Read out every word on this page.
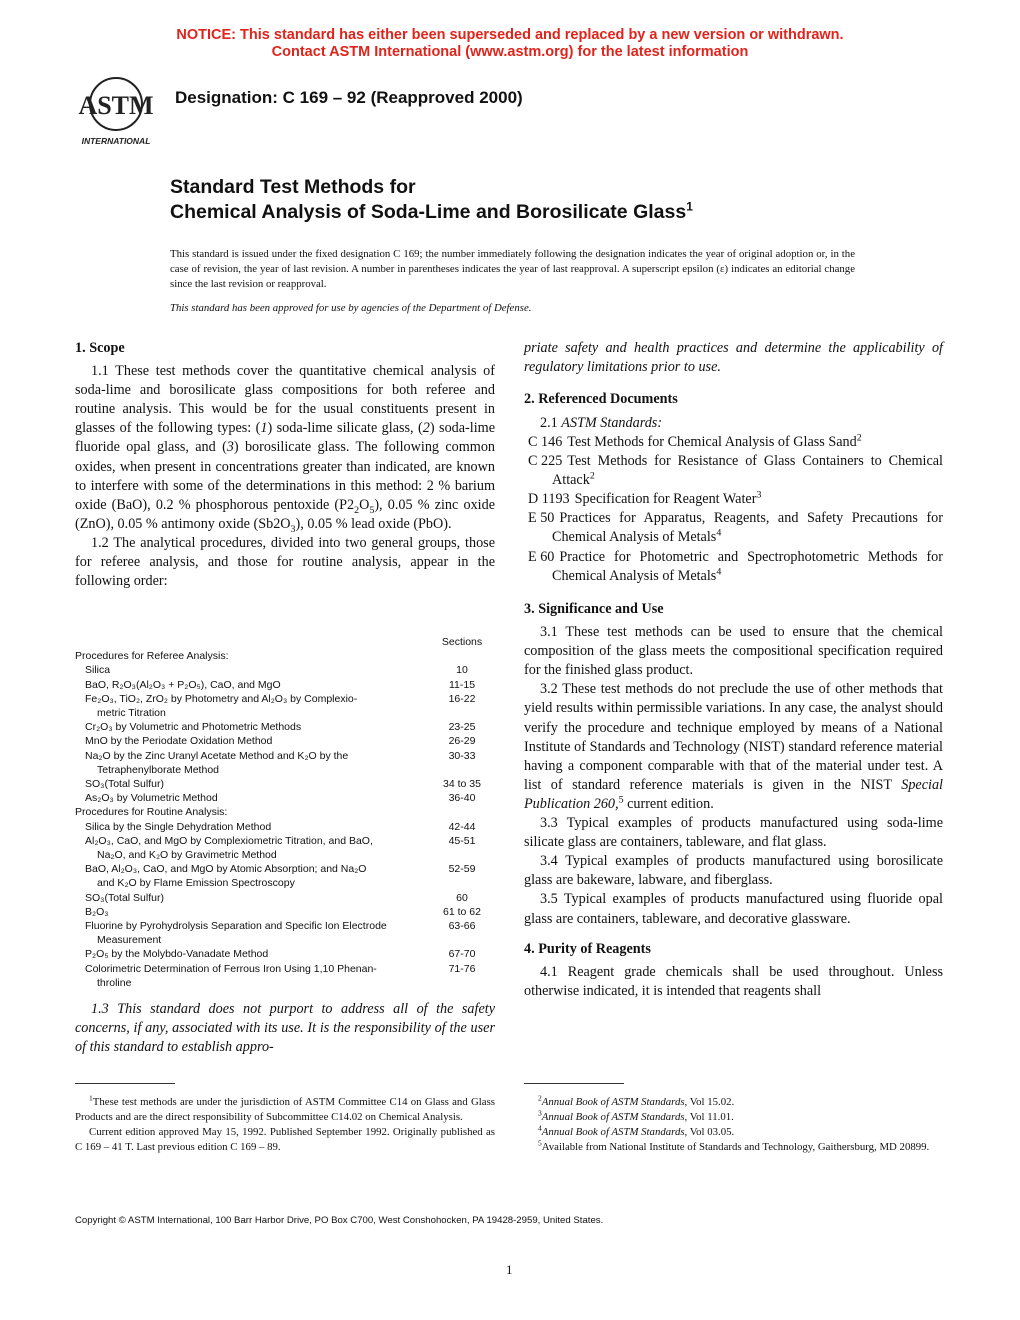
NOTICE: This standard has either been superseded and replaced by a new version or withdrawn.
Contact ASTM International (www.astm.org) for the latest information
ASTM
INTERNATIONAL
Designation: C 169 – 92 (Reapproved 2000)
Standard Test Methods for
Chemical Analysis of Soda-Lime and Borosilicate Glass$^1$
This standard is issued under the fixed designation C 169; the number immediately following the designation indicates the year of original adoption or, in the case of revision, the year of last revision. A number in parentheses indicates the year of last reapproval. A superscript epsilon (ε) indicates an editorial change since the last revision or reapproval.
This standard has been approved for use by agencies of the Department of Defense.
1. Scope

1.1 These test methods cover the quantitative chemical analysis of soda-lime and borosilicate glass compositions for both referee and routine analysis. This would be for the usual constituents present in glasses of the following types: (1) soda-lime silicate glass, (2) soda-lime fluoride opal glass, and (3) borosilicate glass. The following common oxides, when present in concentrations greater than indicated, are known to interfere with some of the determinations in this method: 2 % barium oxide (BaO), 0.2 % phosphorous pentoxide $(P2_2O_5)$, 0.05 % zinc oxide (ZnO), 0.05 % antimony oxide $(Sb2O_3)$, 0.05 % lead oxide (PbO).

1.2 The analytical procedures, divided into two general groups, those for referee analysis, and those for routine analysis, appear in the following order:

Sections
Procedures for Referee Analysis:
Silica	10
BaO, R₂O₃(Al₂O₃ + P₂O₅), CaO, and MgO	11-15
Fe₂O₃, TiO₂, ZrO₂ by Photometry and Al₂O₃ by Complexio-	16-22
metric Titration
Cr₂O₃ by Volumetric and Photometric Methods	23-25
MnO by the Periodate Oxidation Method	26-29
Na₂O by the Zinc Uranyl Acetate Method and K₂O by the	30-33
Tetraphenylborate Method
SO₃(Total Sulfur)	34 to 35
As₂O₃ by Volumetric Method	36-40
Procedures for Routine Analysis:
Silica by the Single Dehydration Method	42-44
Al₂O₃, CaO, and MgO by Complexiometric Titration, and BaO,	45-51
Na₂O, and K₂O by Gravimetric Method
BaO, Al₂O₃, CaO, and MgO by Atomic Absorption; and Na₂O	52-59
and K₂O by Flame Emission Spectroscopy
SO₃(Total Sulfur)	60
B₂O₃	61 to 62
Fluorine by Pyrohydrolysis Separation and Specific Ion Electrode	63-66
Measurement
P₂O₅ by the Molybdo-Vanadate Method	67-70
Colorimetric Determination of Ferrous Iron Using 1,10 Phenan-	71-76
throline

1.3 This standard does not purport to address all of the safety concerns, if any, associated with its use. It is the responsibility of the user of this standard to establish appro-

priate safety and health practices and determine the applicability of regulatory limitations prior to use.

2. Referenced Documents

2.1 ASTM Standards:

C 146 Test Methods for Chemical Analysis of Glass Sand$^2$

C 225 Test Methods for Resistance of Glass Containers to Chemical Attack$^2$

D 1193 Specification for Reagent Water$^3$

E 50 Practices for Apparatus, Reagents, and Safety Precautions for Chemical Analysis of Metals$^4$

E 60 Practice for Photometric and Spectrophotometric Methods for Chemical Analysis of Metals$^4$

3. Significance and Use

3.1 These test methods can be used to ensure that the chemical composition of the glass meets the compositional specification required for the finished glass product.

3.2 These test methods do not preclude the use of other methods that yield results within permissible variations. In any case, the analyst should verify the procedure and technique employed by means of a National Institute of Standards and Technology (NIST) standard reference material having a component comparable with that of the material under test. A list of standard reference materials is given in the NIST Special Publication 260,$^5$ current edition.

3.3 Typical examples of products manufactured using soda-lime silicate glass are containers, tableware, and flat glass.

3.4 Typical examples of products manufactured using borosilicate glass are bakeware, labware, and fiberglass.

3.5 Typical examples of products manufactured using fluoride opal glass are containers, tableware, and decorative glassware.

4. Purity of Reagents

4.1 Reagent grade chemicals shall be used throughout. Unless otherwise indicated, it is intended that reagents shall

$^1$These test methods are under the jurisdiction of ASTM Committee C14 on Glass and Glass Products and are the direct responsibility of Subcommittee C14.02 on Chemical Analysis.

Current edition approved May 15, 1992. Published September 1992. Originally published as C 169 – 41 T. Last previous edition C 169 – 89.

$^2$Annual Book of ASTM Standards, Vol 15.02.

$^3$Annual Book of ASTM Standards, Vol 11.01.

$^4$Annual Book of ASTM Standards, Vol 03.05.

$^5$Available from National Institute of Standards and Technology, Gaithersburg, MD 20899.

Copyright © ASTM International, 100 Barr Harbor Drive, PO Box C700, West Conshohocken, PA 19428-2959, United States.
1
